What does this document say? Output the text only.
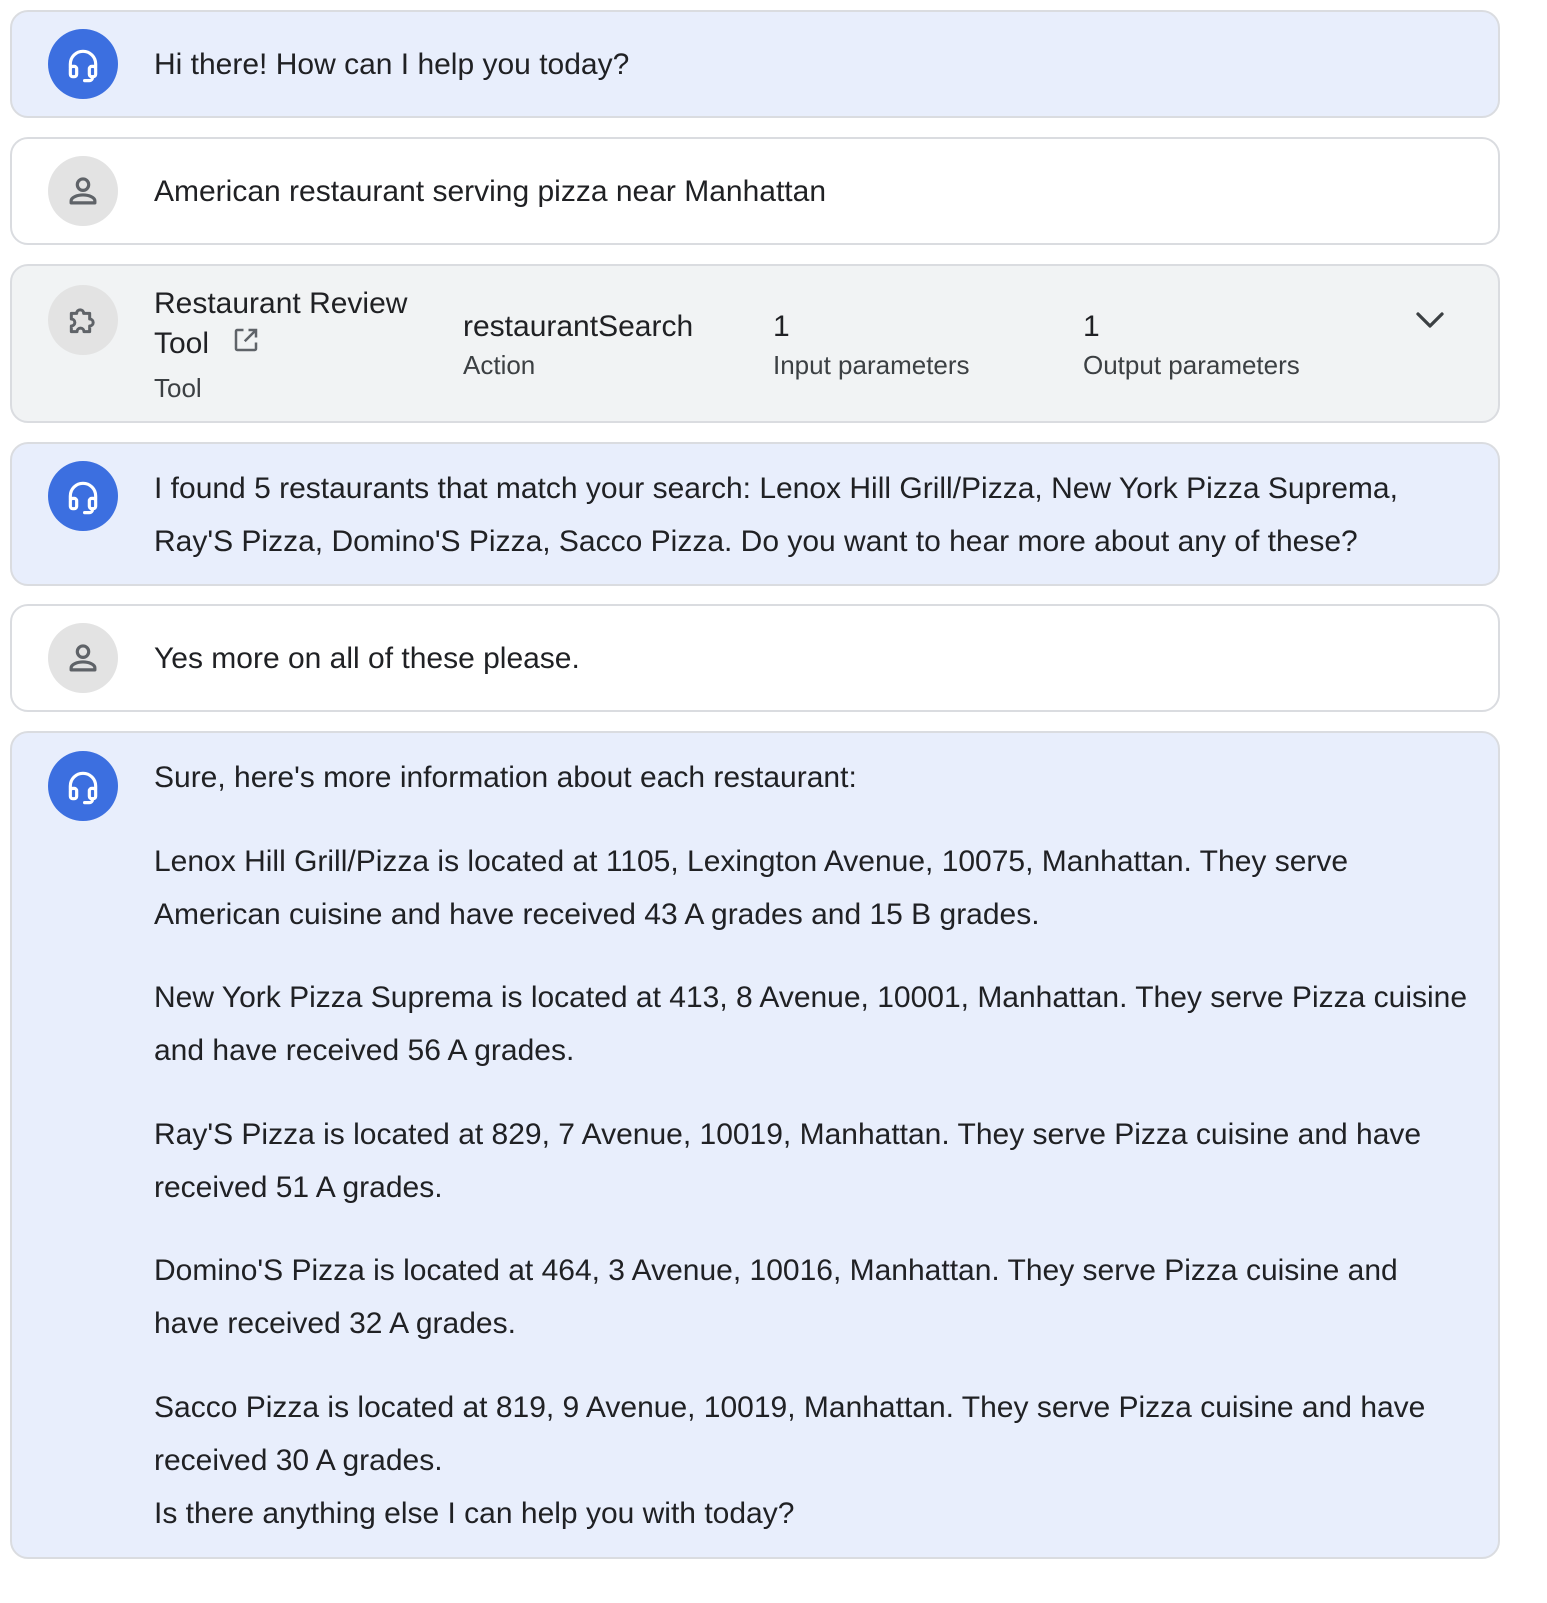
Hi there! How can I help you today?
American restaurant serving pizza near Manhattan
Restaurant Review Tool
Tool
restaurantSearch
Action
1
Input parameters
1
Output parameters
I found 5 restaurants that match your search: Lenox Hill Grill/Pizza, New York Pizza Suprema, Ray'S Pizza, Domino'S Pizza, Sacco Pizza. Do you want to hear more about any of these?
Yes more on all of these please.

Sure, here's more information about each restaurant:

Lenox Hill Grill/Pizza is located at 1105, Lexington Avenue, 10075, Manhattan. They serve American cuisine and have received 43 A grades and 15 B grades.

New York Pizza Suprema is located at 413, 8 Avenue, 10001, Manhattan. They serve Pizza cuisine and have received 56 A grades.

Ray'S Pizza is located at 829, 7 Avenue, 10019, Manhattan. They serve Pizza cuisine and have received 51 A grades.

Domino'S Pizza is located at 464, 3 Avenue, 10016, Manhattan. They serve Pizza cuisine and have received 32 A grades.

Sacco Pizza is located at 819, 9 Avenue, 10019, Manhattan. They serve Pizza cuisine and have received 30 A grades.

Is there anything else I can help you with today?
